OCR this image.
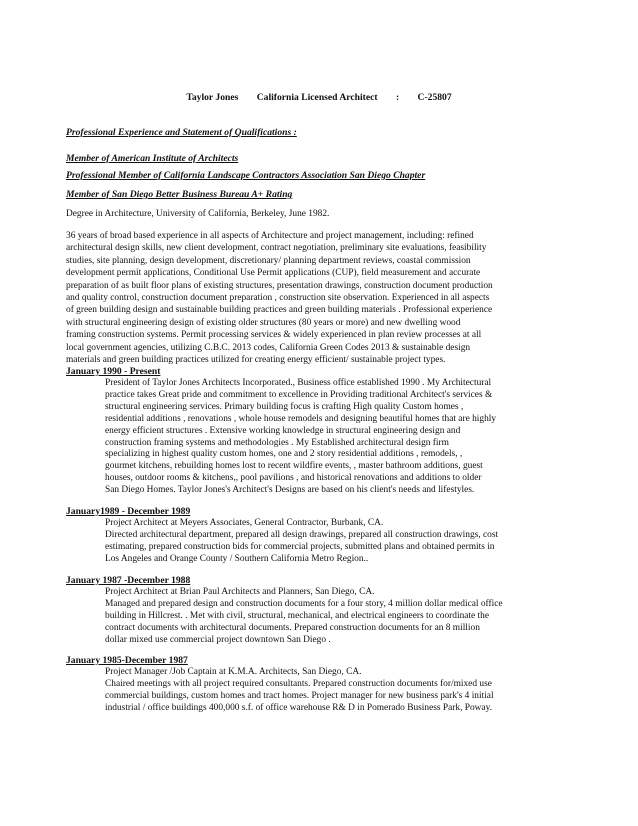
Taylor Jones California Licensed Architect : C-25807
Professional Experience and Statement of Qualifications :
Member of American Institute of Architects
Professional Member of California Landscape Contractors Association San Diego Chapter
Member of San Diego Better Business Bureau A+ Rating
Degree in Architecture, University of California, Berkeley, June 1982.
36 years of broad based experience in all aspects of Architecture and project management, including: refined
architectural design skills, new client development, contract negotiation, preliminary site evaluations, feasibility
studies, site planning, design development, discretionary/ planning department reviews, coastal commission
development permit applications, Conditional Use Permit applications (CUP), field measurement and accurate
preparation of as built floor plans of existing structures, presentation drawings, construction document production
and quality control, construction document preparation , construction site observation. Experienced in all aspects
of green building design and sustainable building practices and green building materials . Professional experience
with structural engineering design of existing older structures (80 years or more) and new dwelling wood
framing construction systems. Permit processing services & widely experienced in plan review processes at all
local government agencies, utilizing C.B.C. 2013 codes, California Green Codes 2013 & sustainable design
materials and green building practices utilized for creating energy efficient/ sustainable project types.
January 1990 - Present
President of Taylor Jones Architects Incorporated., Business office established 1990 . My Architectural
practice takes Great pride and commitment to excellence in Providing traditional Architect's services &
structural engineering services. Primary building focus is crafting High quality Custom homes ,
residential additions , renovations , whole house remodels and designing beautiful homes that are highly
energy efficient structures . Extensive working knowledge in structural engineering design and
construction framing systems and methodologies . My Established architectural design firm
specializing in highest quality custom homes, one and 2 story residential additions , remodels, ,
gourmet kitchens, rebuilding homes lost to recent wildfire events, , master bathroom additions, guest
houses, outdoor rooms & kitchens,, pool pavilions , and historical renovations and additions to older
San Diego Homes. Taylor Jones's Architect's Designs are based on his client's needs and lifestyles.
January1989 - December 1989
Project Architect at Meyers Associates, General Contractor, Burbank, CA.
Directed architectural department, prepared all design drawings, prepared all construction drawings, cost
estimating, prepared construction bids for commercial projects, submitted plans and obtained permits in
Los Angeles and Orange County / Southern California Metro Region..
January 1987 -December 1988
Project Architect at Brian Paul Architects and Planners, San Diego, CA.
Managed and prepared design and construction documents for a four story, 4 million dollar medical office
building in Hillcrest. . Met with civil, structural, mechanical, and electrical engineers to coordinate the
contract documents with architectural documents. Prepared construction documents for an 8 million
dollar mixed use commercial project downtown San Diego .
January 1985-December 1987
Project Manager /Job Captain at K.M.A. Architects, San Diego, CA.
Chaired meetings with all project required consultants. Prepared construction documents for/mixed use
commercial buildings, custom homes and tract homes. Project manager for new business park's 4 initial
industrial / office buildings 400,000 s.f. of office warehouse R& D in Pomerado Business Park, Poway.
